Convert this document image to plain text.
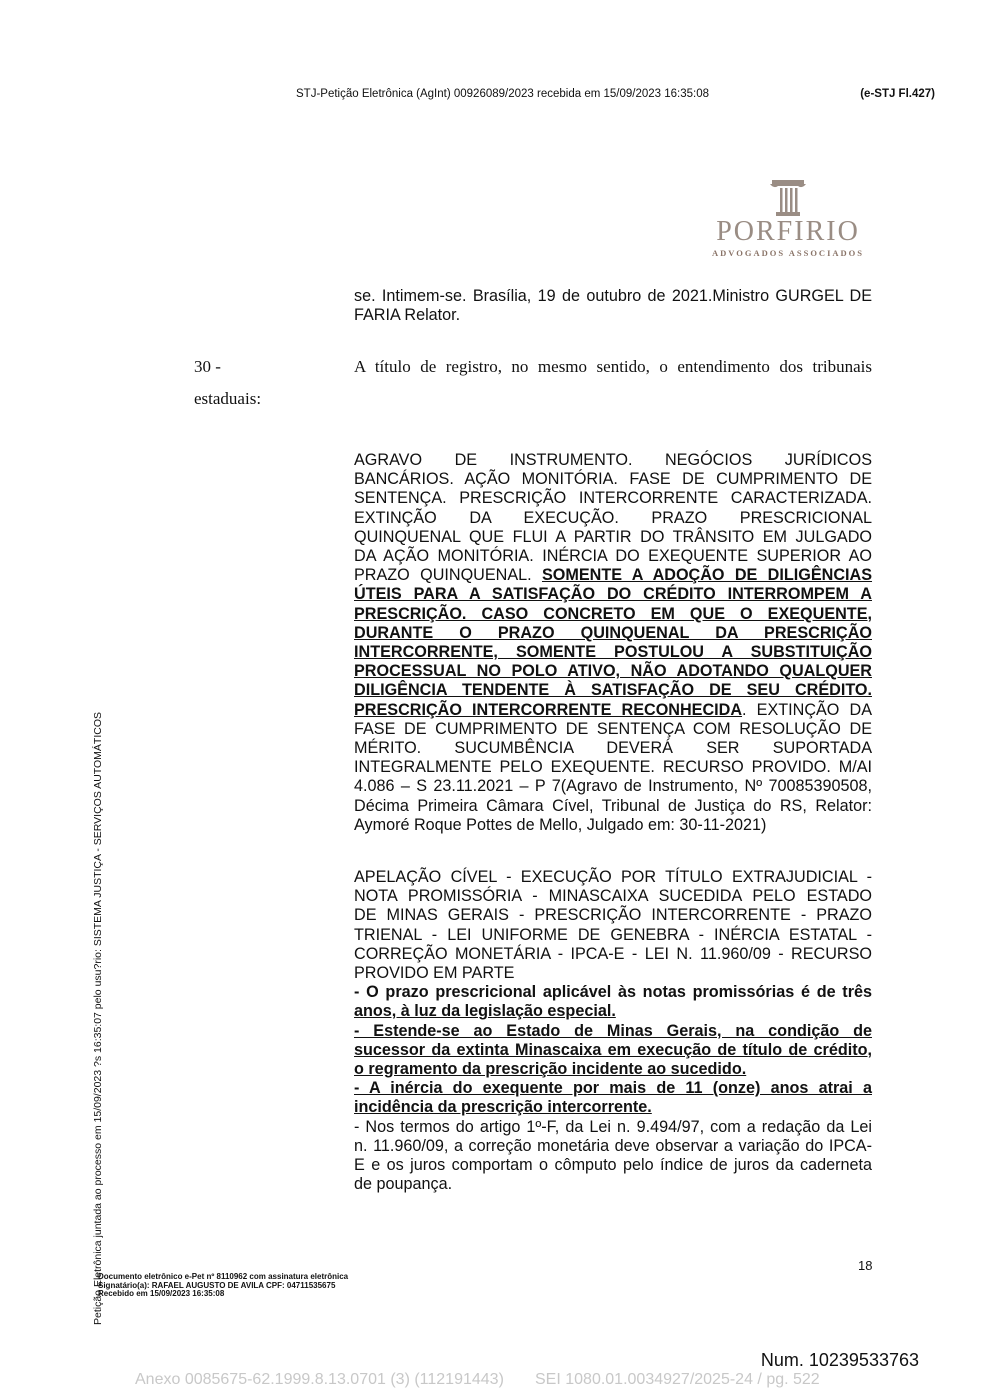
STJ-Petição Eletrônica (AgInt) 00926089/2023 recebida em 15/09/2023 16:35:08	(e-STJ Fl.427)
PORFIRIO
ADVOGADOS ASSOCIADOS
se. Intimem-se. Brasília, 19 de outubro de 2021.Ministro GURGEL DE
FARIA Relator.
30 -	A título de registro, no mesmo sentido, o entendimento dos tribunais
estaduais:
AGRAVO DE INSTRUMENTO. NEGÓCIOS JURÍDICOS
BANCÁRIOS. AÇÃO MONITÓRIA. FASE DE CUMPRIMENTO DE
SENTENÇA. PRESCRIÇÃO INTERCORRENTE CARACTERIZADA.
EXTINÇÃO DA EXECUÇÃO. PRAZO PRESCRICIONAL
QUINQUENAL QUE FLUI A PARTIR DO TRÂNSITO EM JULGADO
DA AÇÃO MONITÓRIA. INÉRCIA DO EXEQUENTE SUPERIOR AO
PRAZO QUINQUENAL. SOMENTE A ADOÇÃO DE DILIGÊNCIAS
ÚTEIS PARA A SATISFAÇÃO DO CRÉDITO INTERROMPEM A
PRESCRIÇÃO. CASO CONCRETO EM QUE O EXEQUENTE,
DURANTE O PRAZO QUINQUENAL DA PRESCRIÇÃO
INTERCORRENTE, SOMENTE POSTULOU A SUBSTITUIÇÃO
PROCESSUAL NO POLO ATIVO, NÃO ADOTANDO QUALQUER
DILIGÊNCIA TENDENTE À SATISFAÇÃO DE SEU CRÉDITO.
PRESCRIÇÃO INTERCORRENTE RECONHECIDA. EXTINÇÃO DA
FASE DE CUMPRIMENTO DE SENTENÇA COM RESOLUÇÃO DE
MÉRITO. SUCUMBÊNCIA DEVERÁ SER SUPORTADA
INTEGRALMENTE PELO EXEQUENTE. RECURSO PROVIDO. M/AI
4.086 – S 23.11.2021 – P 7(Agravo de Instrumento, Nº 70085390508,
Décima Primeira Câmara Cível, Tribunal de Justiça do RS, Relator:
Aymoré Roque Pottes de Mello, Julgado em: 30-11-2021)
APELAÇÃO CÍVEL - EXECUÇÃO POR TÍTULO EXTRAJUDICIAL -
NOTA PROMISSÓRIA - MINASCAIXA SUCEDIDA PELO ESTADO
DE MINAS GERAIS - PRESCRIÇÃO INTERCORRENTE - PRAZO
TRIENAL - LEI UNIFORME DE GENEBRA - INÉRCIA ESTATAL -
CORREÇÃO MONETÁRIA - IPCA-E - LEI N. 11.960/09 - RECURSO
PROVIDO EM PARTE
- O prazo prescricional aplicável às notas promissórias é de três
anos, à luz da legislação especial.
- Estende-se ao Estado de Minas Gerais, na condição de
sucessor da extinta Minascaixa em execução de título de crédito,
o regramento da prescrição incidente ao sucedido.
- A inércia do exequente por mais de 11 (onze) anos atrai a
incidência da prescrição intercorrente.
- Nos termos do artigo 1º-F, da Lei n. 9.494/97, com a redação da Lei
n. 11.960/09, a correção monetária deve observar a variação do IPCA-
E e os juros comportam o cômputo pelo índice de juros da caderneta
de poupança.
Petição Eletrônica juntada ao processo em 15/09/2023 ?s 16:35:07 pelo usu?rio: SISTEMA JUSTIÇA - SERVIÇOS AUTOMÁTICOS
Documento eletrônico e-Pet nº 8110962 com assinatura eletrônica
Signatário(a): RAFAEL AUGUSTO DE AVILA CPF: 04711535675
Recebido em 15/09/2023 16:35:08
18
Num. 10239533763
Anexo 0085675-62.1999.8.13.0701 (3) (112191443)       SEI 1080.01.0034927/2025-24 / pg. 522
